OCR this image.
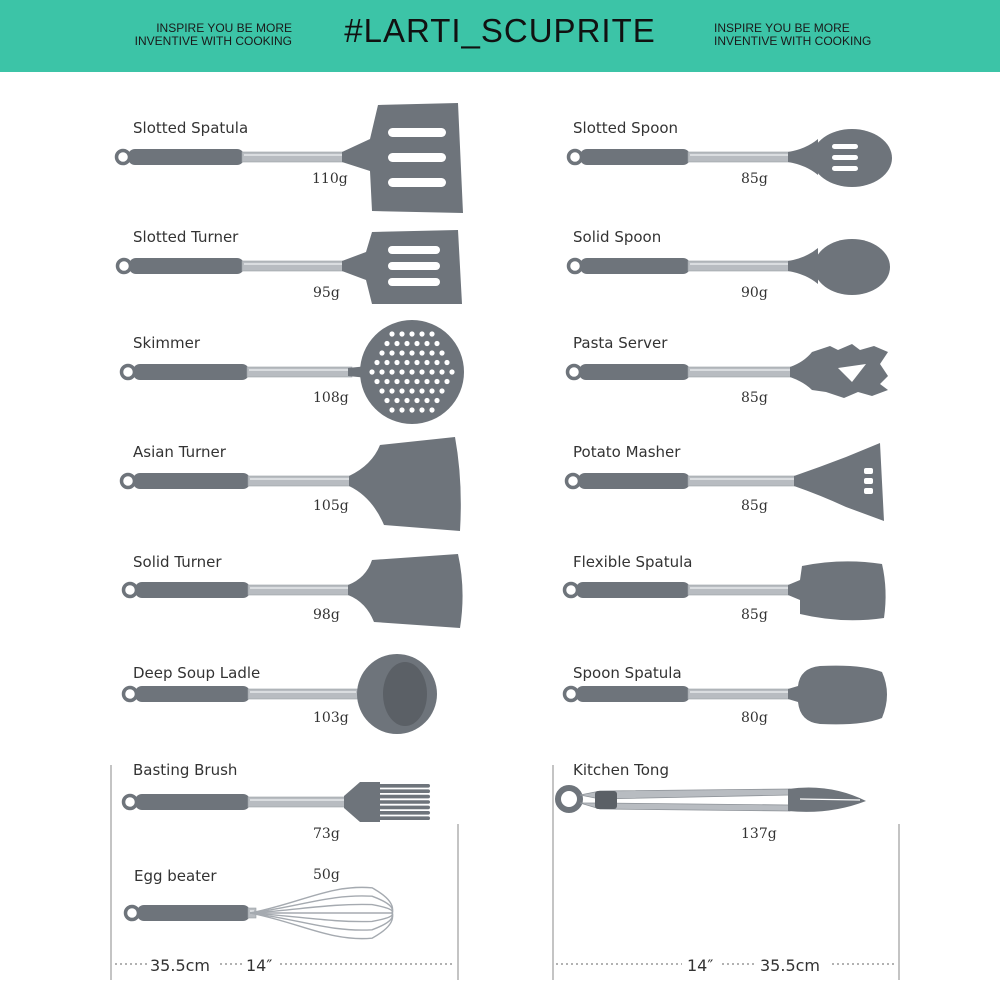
INSPIRE YOU BE MORE
INVENTIVE WITH COOKING	#LARTI_SCUPRITE	INSPIRE YOU BE MORE
INVENTIVE WITH COOKING
Slotted Spatula
110g
Slotted Turner
95g
Skimmer
108g
Asian Turner
105g
Solid Turner
98g
Deep Soup Ladle
103g
Basting Brush
73g
Egg beater	50g
Slotted Spoon
85g
Solid Spoon
90g
Pasta Server
85g
Potato Masher
85g
Flexible Spatula
85g
Spoon Spatula
80g
Kitchen Tong
137g
35.5cm 14″	14″	35.5cm
